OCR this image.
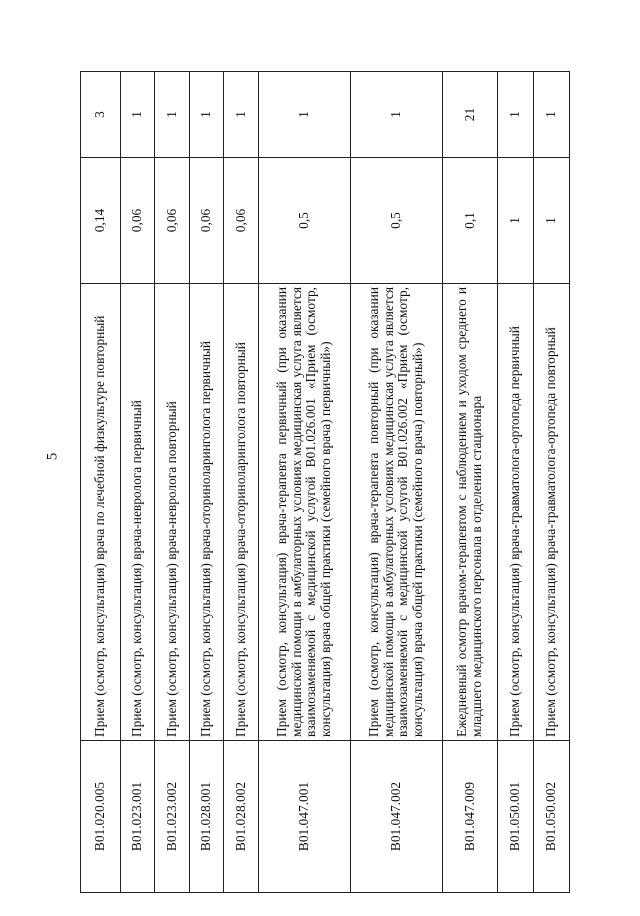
5
B01.020.005	Прием (осмотр, консультация) врача по лечебной физкультуре повторный	0,14	3
B01.023.001	Прием (осмотр, консультация) врача-невролога первичный	0,06	1
B01.023.002	Прием (осмотр, консультация) врача-невролога повторный	0,06	1
B01.028.001	Прием (осмотр, консультация) врача-оториноларинголога первичный	0,06	1
B01.028.002	Прием (осмотр, консультация) врача-оториноларинголога повторный	0,06	1
B01.047.001	Прием (осмотр, консультация) врача-терапевта первичный (при оказании медицинской помощи в амбулаторных условиях медицинская услуга является взаимозаменяемой с медицинской услугой B01.026.001 «Прием (осмотр, консультация) врача общей практики (семейного врача) первичный»)	0,5	1
B01.047.002	Прием (осмотр, консультация) врача-терапевта повторный (при оказании медицинской помощи в амбулаторных условиях медицинская услуга является взаимозаменяемой с медицинской услугой B01.026.002 «Прием (осмотр, консультация) врача общей практики (семейного врача) повторный»)	0,5	1
B01.047.009	Ежедневный осмотр врачом-терапевтом с наблюдением и уходом среднего и младшего медицинского персонала в отделении стационара	0,1	21
B01.050.001	Прием (осмотр, консультация) врача-травматолога-ортопеда первичный	1	1
B01.050.002	Прием (осмотр, консультация) врача-травматолога-ортопеда повторный	1	1
